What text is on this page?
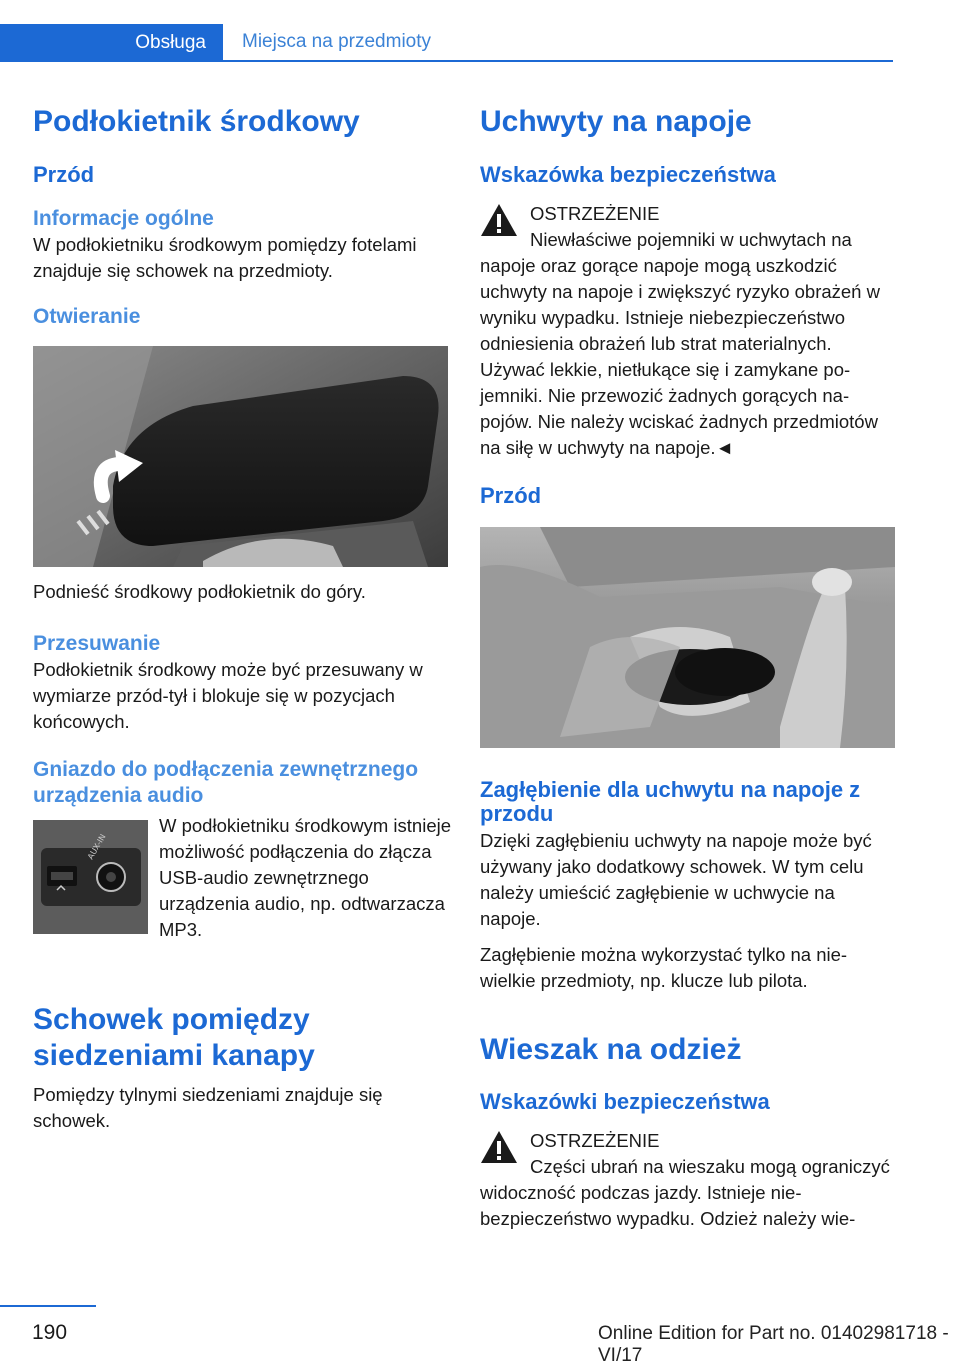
Obsługa	Miejsca na przedmioty
Podłokietnik środkowy
Przód
Informacje ogólne

W podłokietniku środkowym pomiędzy fotelami znajduje się schowek na przedmioty.

Otwieranie

Podnieść środkowy podłokietnik do góry.

Przesuwanie

Podłokietnik środkowy może być przesuwany w wymiarze przód-tył i blokuje się w pozycjach końcowych.

Gniazdo do podłączenia zewnętrznego urządzenia audio
AUX-IN

W podłokietniku środkowym istnieje możliwość podłączenia do złącza USB-audio zewnętrznego urządzenia audio, np. odtwarzacza MP3.

Schowek pomiędzy siedzeniami kanapy

Pomiędzy tylnymi siedzeniami znajduje się schowek.

Uchwyty na napoje
Wskazówka bezpieczeństwa
OSTRZEŻENIE

Niewłaściwe pojemniki w uchwytach na napoje oraz gorące napoje mogą uszkodzić uchwyty na napoje i zwiększyć ryzyko obrażeń w wyniku wypadku. Istnieje niebezpieczeństwo odniesienia obrażeń lub strat materialnych. Używać lekkie, nietłukące się i zamykane pojemniki. Nie przewozić żadnych gorących napojów. Nie należy wciskać żadnych przedmiotów na siłę w uchwyty na napoje.◄

Przód
Zagłębienie dla uchwytu na napoje z przodu

Dzięki zagłębieniu uchwyty na napoje może być używany jako dodatkowy schowek. W tym celu należy umieścić zagłębienie w uchwycie na napoje.

Zagłębienie można wykorzystać tylko na niewielkie przedmioty, np. klucze lub pilota.

Wieszak na odzież
Wskazówki bezpieczeństwa
OSTRZEŻENIE

Części ubrań na wieszaku mogą ograniczyć widoczność podczas jazdy. Istnieje niebezpieczeństwo wypadku. Odzież należy wie-

190	Online Edition for Part no. 01402981718 - VI/17
